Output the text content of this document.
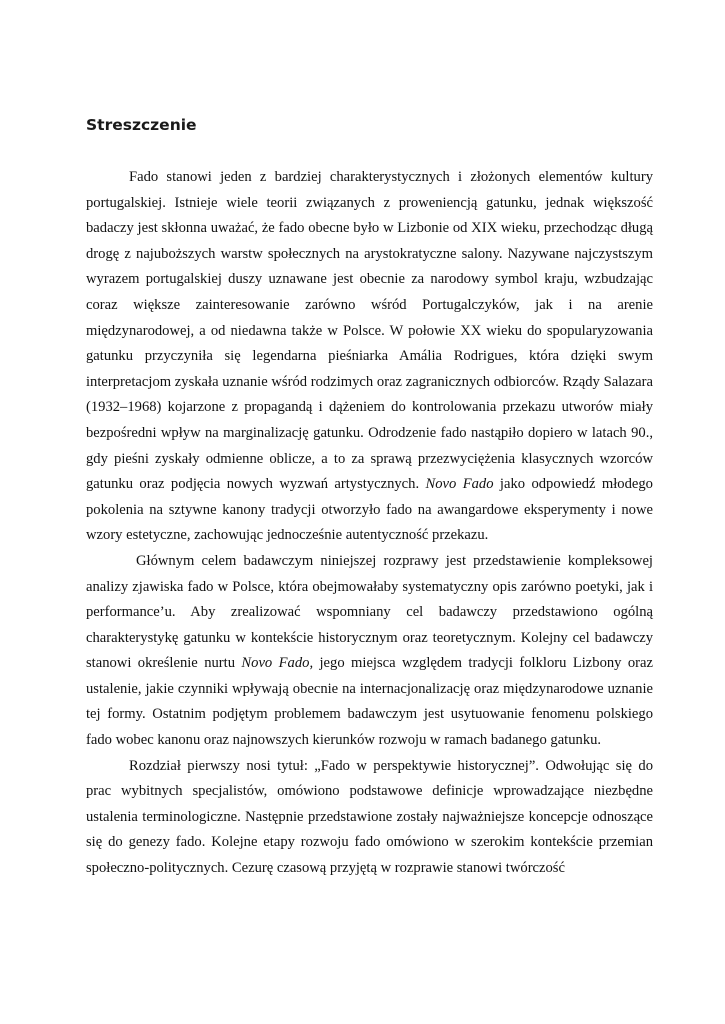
Streszczenie

Fado stanowi jeden z bardziej charakterystycznych i złożonych elementów kultury portugalskiej. Istnieje wiele teorii związanych z proweniencją gatunku, jednak większość badaczy jest skłonna uważać, że fado obecne było w Lizbonie od XIX wieku, przechodząc długą drogę z najuboższych warstw społecznych na arystokratyczne salony. Nazywane najczystszym wyrazem portugalskiej duszy uznawane jest obecnie za narodowy symbol kraju, wzbudzając coraz większe zainteresowanie zarówno wśród Portugalczyków, jak i na arenie międzynarodowej, a od niedawna także w Polsce. W połowie XX wieku do spopularyzowania gatunku przyczyniła się legendarna pieśniarka Amália Rodrigues, która dzięki swym interpretacjom zyskała uznanie wśród rodzimych oraz zagranicznych odbiorców. Rządy Salazara (1932–1968) kojarzone z propagandą i dążeniem do kontrolowania przekazu utworów miały bezpośredni wpływ na marginalizację gatunku. Odrodzenie fado nastąpiło dopiero w latach 90., gdy pieśni zyskały odmienne oblicze, a to za sprawą przezwyciężenia klasycznych wzorców gatunku oraz podjęcia nowych wyzwań artystycznych. Novo Fado jako odpowiedź młodego pokolenia na sztywne kanony tradycji otworzyło fado na awangardowe eksperymenty i nowe wzory estetyczne, zachowując jednocześnie autentyczność przekazu.

Głównym celem badawczym niniejszej rozprawy jest przedstawienie kompleksowej analizy zjawiska fado w Polsce, która obejmowałaby systematyczny opis zarówno poetyki, jak i performance’u. Aby zrealizować wspomniany cel badawczy przedstawiono ogólną charakterystykę gatunku w kontekście historycznym oraz teoretycznym. Kolejny cel badawczy stanowi określenie nurtu Novo Fado, jego miejsca względem tradycji folkloru Lizbony oraz ustalenie, jakie czynniki wpływają obecnie na internacjonalizację oraz międzynarodowe uznanie tej formy. Ostatnim podjętym problemem badawczym jest usytuowanie fenomenu polskiego fado wobec kanonu oraz najnowszych kierunków rozwoju w ramach badanego gatunku.

Rozdział pierwszy nosi tytuł: „Fado w perspektywie historycznej”. Odwołując się do prac wybitnych specjalistów, omówiono podstawowe definicje wprowadzające niezbędne ustalenia terminologiczne. Następnie przedstawione zostały najważniejsze koncepcje odnoszące się do genezy fado. Kolejne etapy rozwoju fado omówiono w szerokim kontekście przemian społeczno-politycznych. Cezurę czasową przyjętą w rozprawie stanowi twórczość
